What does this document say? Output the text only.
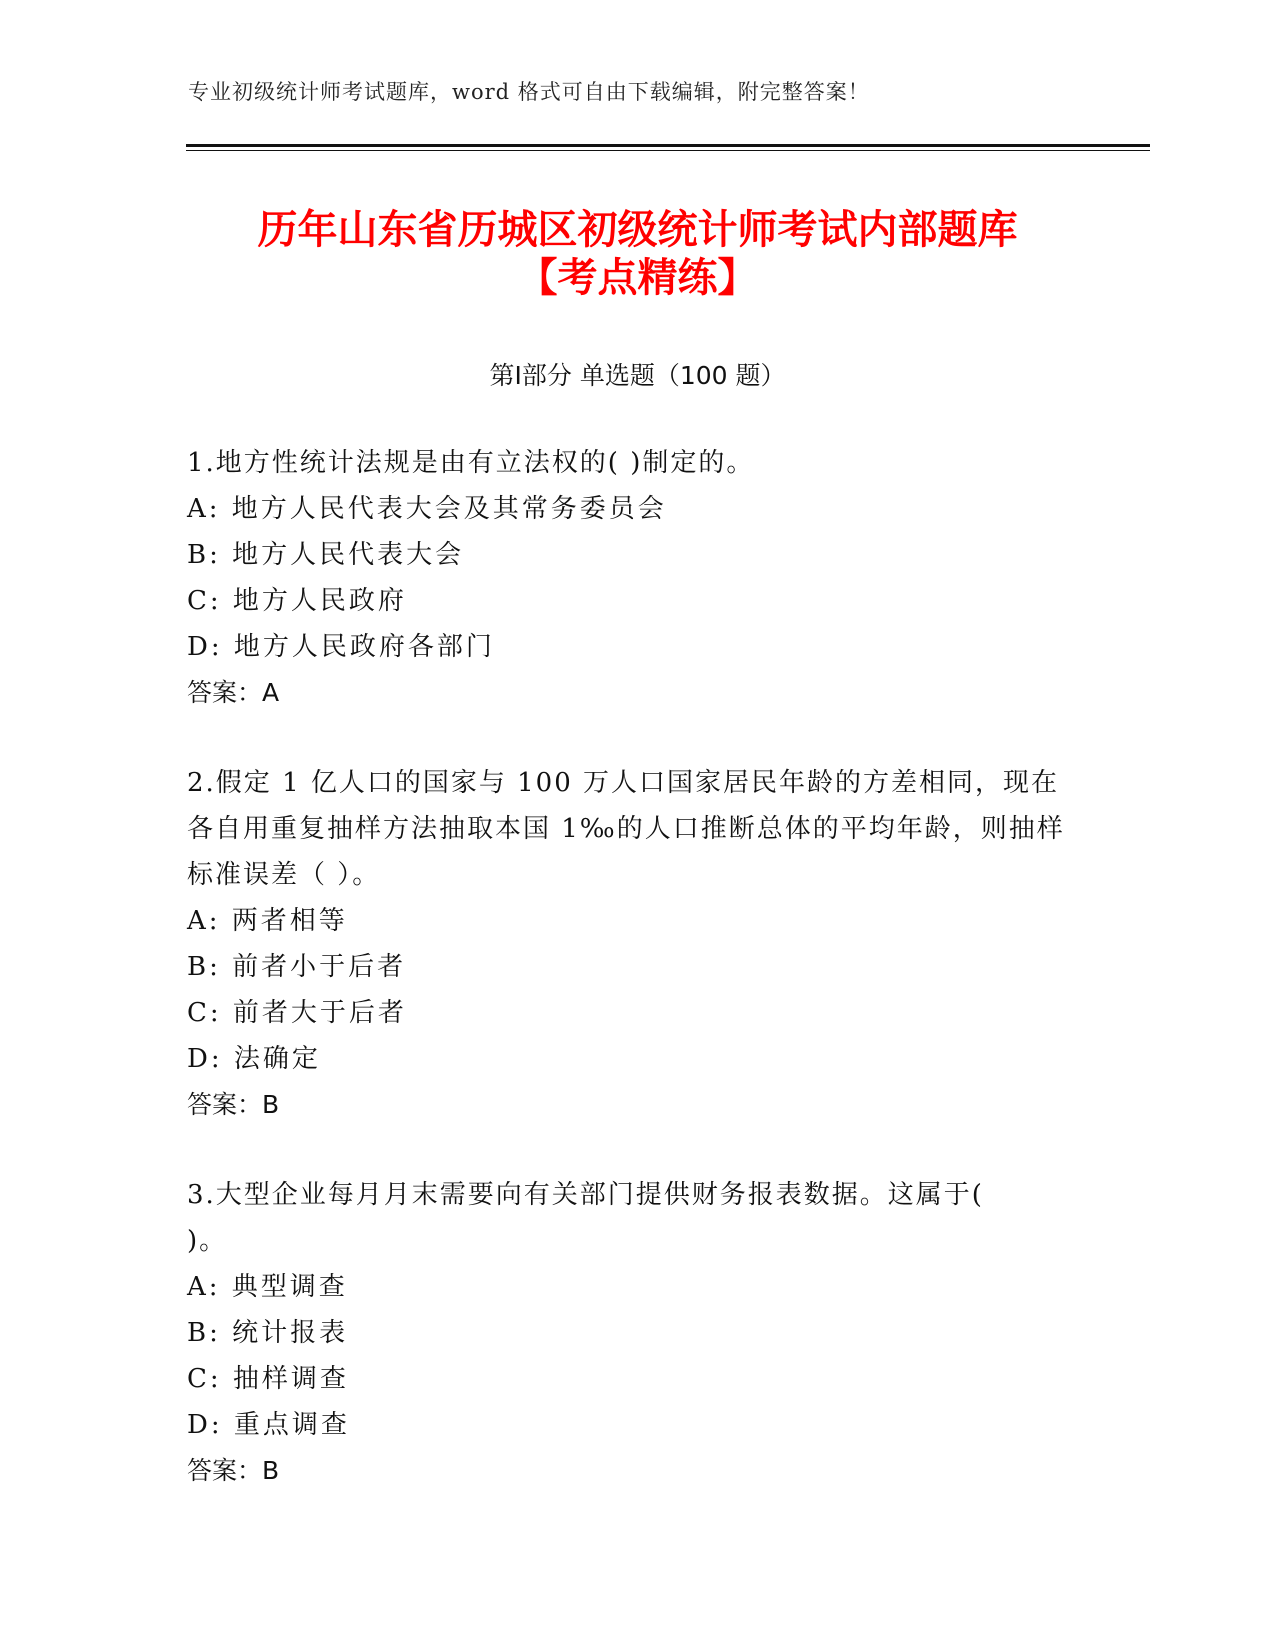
专业初级统计师考试题库，word 格式可自由下载编辑，附完整答案！
历年山东省历城区初级统计师考试内部题库
【考点精练】
第Ⅰ部分 单选题（100 题）
1.地方性统计法规是由有立法权的( )制定的。
A: 地方人民代表大会及其常务委员会
B: 地方人民代表大会
C: 地方人民政府
D: 地方人民政府各部门
答案：A
2.假定 1 亿人口的国家与 100 万人口国家居民年龄的方差相同，现在
各自用重复抽样方法抽取本国 1‰的人口推断总体的平均年龄，则抽样
标准误差（ ）。
A: 两者相等
B: 前者小于后者
C: 前者大于后者
D: 法确定
答案：B
3.大型企业每月月末需要向有关部门提供财务报表数据。这属于(
)。
A: 典型调查
B: 统计报表
C: 抽样调查
D: 重点调查
答案：B
